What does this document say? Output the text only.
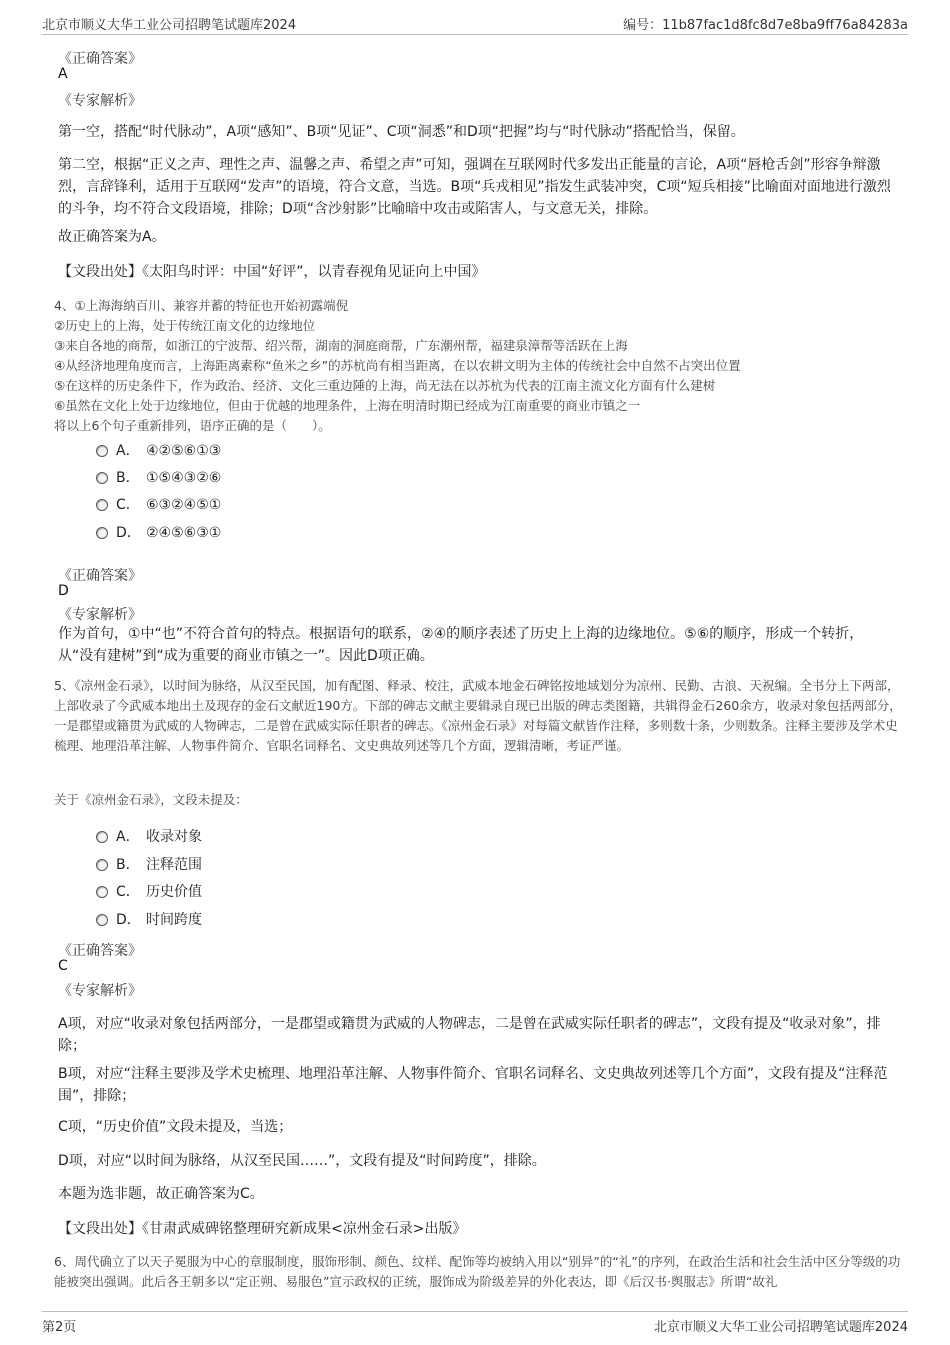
北京市顺义大华工业公司招聘笔试题库2024	编号：11b87fac1d8fc8d7e8ba9ff76a84283a
《正确答案》
A
《专家解析》
第一空，搭配“时代脉动”，A项“感知”、B项“见证”、C项“洞悉”和D项“把握”均与“时代脉动”搭配恰当，保留。
第二空，根据“正义之声、理性之声、温馨之声、希望之声”可知，强调在互联网时代多发出正能量的言论，A项“唇枪舌剑”形容争辩激烈，言辞锋利，适用于互联网“发声”的语境，符合文意，当选。B项“兵戎相见”指发生武装冲突，C项“短兵相接”比喻面对面地进行激烈的斗争，均不符合文段语境，排除；D项“含沙射影”比喻暗中攻击或陷害人，与文意无关，排除。
故正确答案为A。
【文段出处】《太阳鸟时评：中国“好评”，以青春视角见证向上中国》
4、①上海海纳百川、兼容并蓄的特征也开始初露端倪
②历史上的上海，处于传统江南文化的边缘地位
③来自各地的商帮，如浙江的宁波帮、绍兴帮，湖南的洞庭商帮，广东潮州帮，福建泉漳帮等活跃在上海
④从经济地理角度而言，上海距离素称“鱼米之乡”的苏杭尚有相当距离，在以农耕文明为主体的传统社会中自然不占突出位置
⑤在这样的历史条件下，作为政治、经济、文化三重边陲的上海，尚无法在以苏杭为代表的江南主流文化方面有什么建树
⑥虽然在文化上处于边缘地位，但由于优越的地理条件，上海在明清时期已经成为江南重要的商业市镇之一
将以上6个句子重新排列，语序正确的是（　　）。
A． ④②⑤⑥①③
B． ①⑤④③②⑥
C． ⑥③②④⑤①
D． ②④⑤⑥③①
《正确答案》
D
《专家解析》
作为首句，①中“也”不符合首句的特点。根据语句的联系，②④的顺序表述了历史上上海的边缘地位。⑤⑥的顺序，形成一个转折，从“没有建树”到“成为重要的商业市镇之一”。因此D项正确。
5、《凉州金石录》，以时间为脉络，从汉至民国，加有配图、释录、校注，武威本地金石碑铭按地域划分为凉州、民勤、古浪、天祝编。全书分上下两部，上部收录了今武威本地出土及现存的金石文献近190方。下部的碑志文献主要辑录自现已出版的碑志类图籍，共辑得金石260余方，收录对象包括两部分，一是郡望或籍贯为武威的人物碑志，二是曾在武威实际任职者的碑志。《凉州金石录》对每篇文献皆作注释，多则数十条，少则数条。注释主要涉及学术史梳理、地理沿革注解、人物事件简介、官职名词释名、文史典故列述等几个方面，逻辑清晰，考证严谨。
关于《凉州金石录》，文段未提及：
A． 收录对象
B． 注释范围
C． 历史价值
D． 时间跨度
《正确答案》
C
《专家解析》
A项，对应“收录对象包括两部分，一是郡望或籍贯为武威的人物碑志，二是曾在武威实际任职者的碑志”，文段有提及“收录对象”，排除；
B项，对应“注释主要涉及学术史梳理、地理沿革注解、人物事件简介、官职名词释名、文史典故列述等几个方面”，文段有提及“注释范围”，排除；
C项，“历史价值”文段未提及，当选；
D项，对应“以时间为脉络，从汉至民国……”，文段有提及“时间跨度”，排除。
本题为选非题，故正确答案为C。
【文段出处】《甘肃武威碑铭整理研究新成果<凉州金石录>出版》
6、周代确立了以天子冕服为中心的章服制度，服饰形制、颜色、纹样、配饰等均被纳入用以“别异”的“礼”的序列，在政治生活和社会生活中区分等级的功能被突出强调。此后各王朝多以“定正朔、易服色”宣示政权的正统，服饰成为阶级差异的外化表达，即《后汉书·舆服志》所谓“故礼
第2页	北京市顺义大华工业公司招聘笔试题库2024
